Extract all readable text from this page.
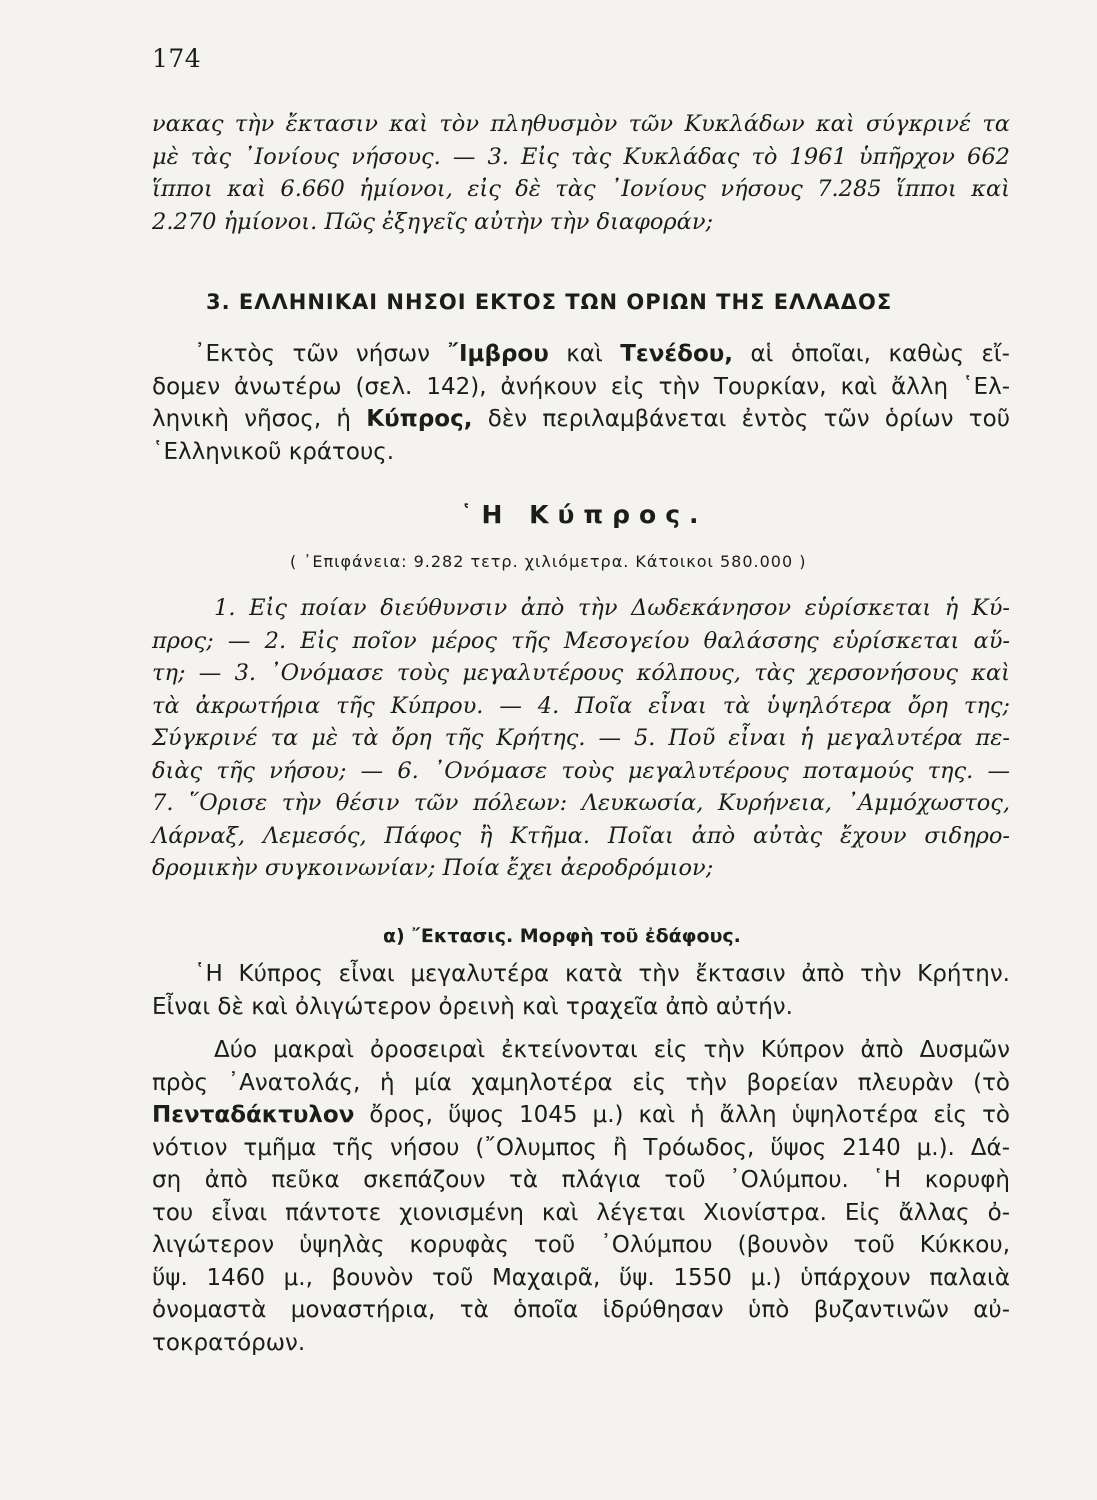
174
νακας τὴν ἔκτασιν καὶ τὸν πληθυσμὸν τῶν Κυκλάδων καὶ σύγκρινέ τα
μὲ τὰς ᾽Ιονίους νήσους. — 3. Εἰς τὰς Κυκλάδας τὸ 1961 ὑπῆρχον 662
ἵπποι καὶ 6.660 ἡμίονοι, εἰς δὲ τὰς ᾽Ιονίους νήσους 7.285 ἵπποι καὶ
2.270 ἡμίονοι. Πῶς ἐξηγεῖς αὐτὴν τὴν διαφοράν;
3. ΕΛΛΗΝΙΚΑΙ ΝΗΣΟΙ ΕΚΤΟΣ ΤΩΝ ΟΡΙΩΝ ΤΗΣ ΕΛΛΑΔΟΣ
᾽Εκτὸς τῶν νήσων ῎Ιμβρου καὶ Τενέδου, αἱ ὁποῖαι, καθὼς εἴ-
δομεν ἀνωτέρω (σελ. 142), ἀνήκουν εἰς τὴν Τουρκίαν, καὶ ἄλλη ῾Ελ-
ληνικὴ νῆσος, ἡ Κύπρος, δὲν περιλαμβάνεται ἐντὸς τῶν ὁρίων τοῦ
῾Ελληνικοῦ κράτους.
῾Η Κύπρος.
( ᾽Επιφάνεια: 9.282 τετρ. χιλιόμετρα. Κάτοικοι 580.000 )
1. Εἰς ποίαν διεύθυνσιν ἀπὸ τὴν Δωδεκάνησον εὑρίσκεται ἡ Κύ-
προς; — 2. Εἰς ποῖον μέρος τῆς Μεσογείου θαλάσσης εὑρίσκεται αὕ-
τη; — 3. ᾽Ονόμασε τοὺς μεγαλυτέρους κόλπους, τὰς χερσονήσους καὶ
τὰ ἀκρωτήρια τῆς Κύπρου. — 4. Ποῖα εἶναι τὰ ὑψηλότερα ὄρη της;
Σύγκρινέ τα μὲ τὰ ὄρη τῆς Κρήτης. — 5. Ποῦ εἶναι ἡ μεγαλυτέρα πε-
διὰς τῆς νήσου; — 6. ᾽Ονόμασε τοὺς μεγαλυτέρους ποταμούς της. —
7. ῞Ορισε τὴν θέσιν τῶν πόλεων: Λευκωσία, Κυρήνεια, ᾽Αμμόχωστος,
Λάρναξ, Λεμεσός, Πάφος ἢ Κτῆμα. Ποῖαι ἀπὸ αὐτὰς ἔχουν σιδηρο-
δρομικὴν συγκοινωνίαν; Ποία ἔχει ἀεροδρόμιον;
α) ῎Εκτασις. Μορφὴ τοῦ ἐδάφους.
῾Η Κύπρος εἶναι μεγαλυτέρα κατὰ τὴν ἔκτασιν ἀπὸ τὴν Κρήτην.
Εἶναι δὲ καὶ ὀλιγώτερον ὀρεινὴ καὶ τραχεῖα ἀπὸ αὐτήν.
Δύο μακραὶ ὀροσειραὶ ἐκτείνονται εἰς τὴν Κύπρον ἀπὸ Δυσμῶν
πρὸς ᾽Ανατολάς, ἡ μία χαμηλοτέρα εἰς τὴν βορείαν πλευρὰν (τὸ
Πενταδάκτυλον ὄρος, ὕψος 1045 μ.) καὶ ἡ ἄλλη ὑψηλοτέρα εἰς τὸ
νότιον τμῆμα τῆς νήσου (῎Ολυμπος ἢ Τρόωδος, ὕψος 2140 μ.). Δά-
ση ἀπὸ πεῦκα σκεπάζουν τὰ πλάγια τοῦ ᾽Ολύμπου. ῾Η κορυφὴ
του εἶναι πάντοτε χιονισμένη καὶ λέγεται Χιονίστρα. Εἰς ἄλλας ὀ-
λιγώτερον ὑψηλὰς κορυφὰς τοῦ ᾽Ολύμπου (βουνὸν τοῦ Κύκκου,
ὕψ. 1460 μ., βουνὸν τοῦ Μαχαιρᾶ, ὕψ. 1550 μ.) ὑπάρχουν παλαιὰ
ὀνομαστὰ μοναστήρια, τὰ ὁποῖα ἱδρύθησαν ὑπὸ βυζαντινῶν αὐ-
τοκρατόρων.
